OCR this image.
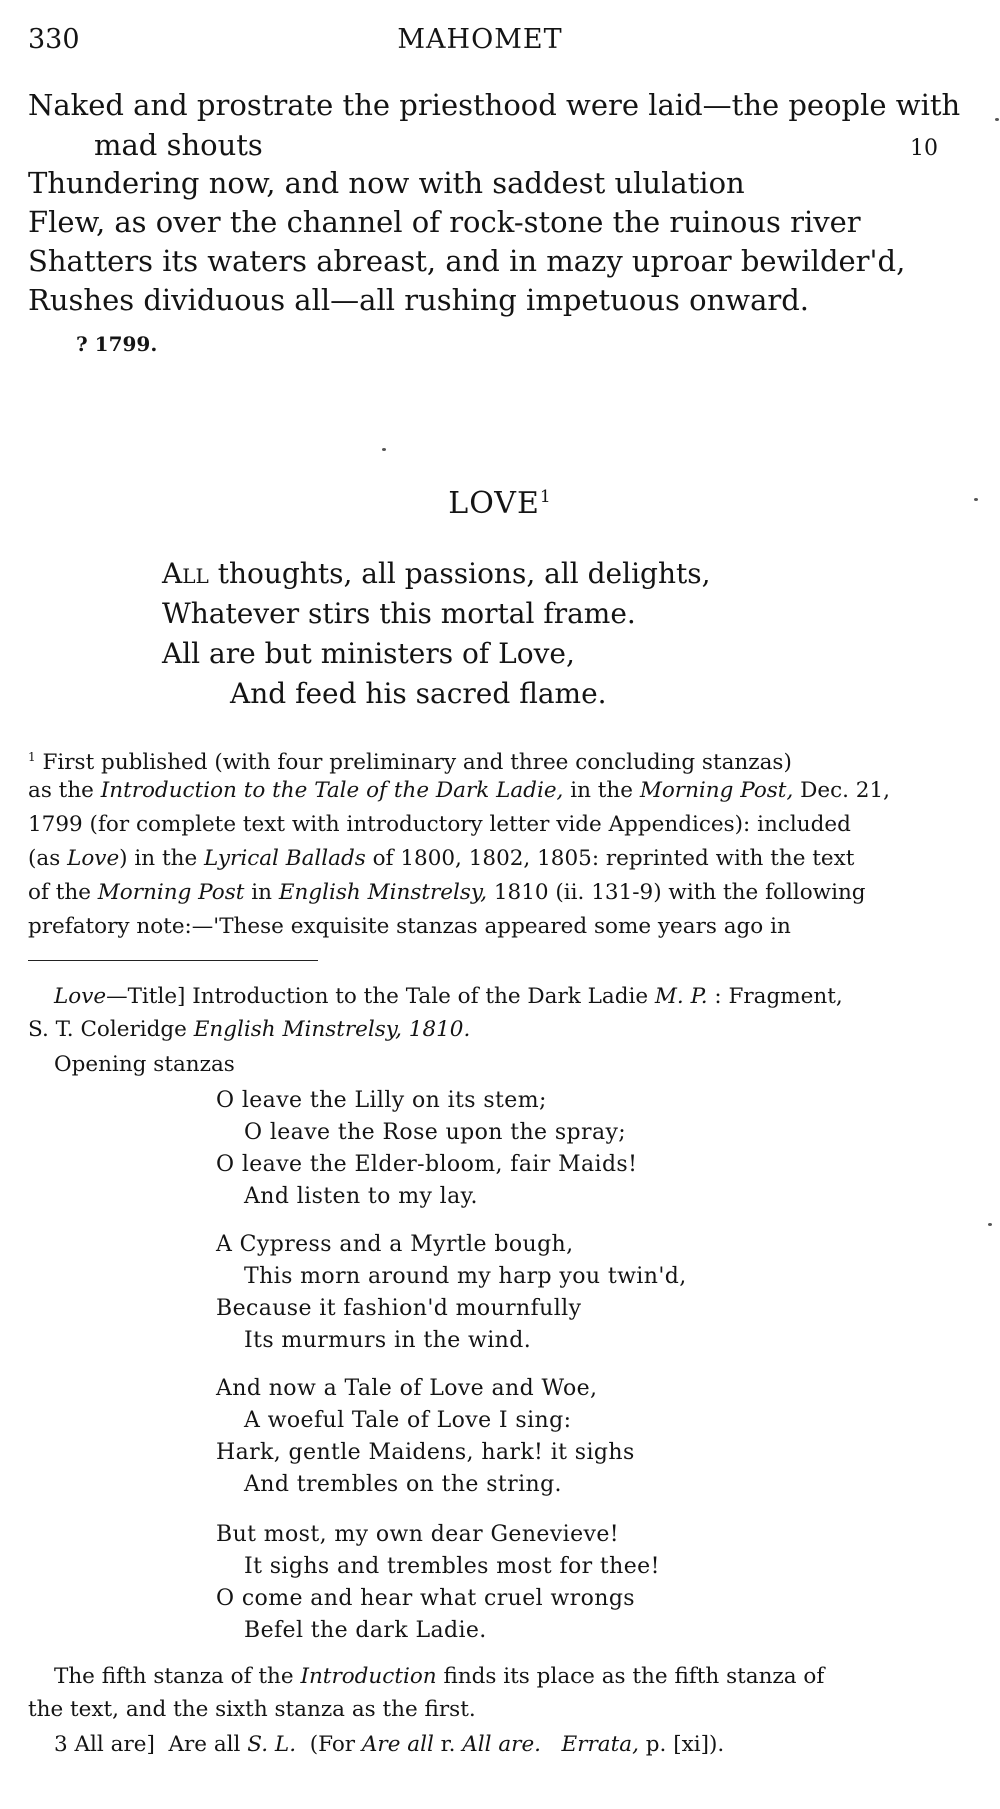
330	MAHOMET
Naked and prostrate the priesthood were laid—the people with
mad shouts	10
Thundering now, and now with saddest ululation
Flew, as over the channel of rock-stone the ruinous river
Shatters its waters abreast, and in mazy uproar bewilder'd,
Rushes dividuous all—all rushing impetuous onward.
? 1799.
LOVE$^1$
All thoughts, all passions, all delights,
Whatever stirs this mortal frame.
All are but ministers of Love,
And feed his sacred flame.
$^1$ First published (with four preliminary and three concluding stanzas)
as the Introduction to the Tale of the Dark Ladie, in the Morning Post, Dec. 21,
1799 (for complete text with introductory letter vide Appendices): included
(as Love) in the Lyrical Ballads of 1800, 1802, 1805: reprinted with the text
of the Morning Post in English Minstrelsy, 1810 (ii. 131-9) with the following
prefatory note:—'These exquisite stanzas appeared some years ago in
Love—Title] Introduction to the Tale of the Dark Ladie M. P. : Fragment,
S. T. Coleridge English Minstrelsy, 1810.
Opening stanzas
O leave the Lilly on its stem;
O leave the Rose upon the spray;
O leave the Elder-bloom, fair Maids!
And listen to my lay.
A Cypress and a Myrtle bough,
This morn around my harp you twin'd,
Because it fashion'd mournfully
Its murmurs in the wind.
And now a Tale of Love and Woe,
A woeful Tale of Love I sing:
Hark, gentle Maidens, hark! it sighs
And trembles on the string.
But most, my own dear Genevieve!
It sighs and trembles most for thee!
O come and hear what cruel wrongs
Befel the dark Ladie.
The fifth stanza of the Introduction finds its place as the fifth stanza of
the text, and the sixth stanza as the first.
3 All are]  Are all S. L.  (For Are all r. All are. Errata, p. [xi]).
